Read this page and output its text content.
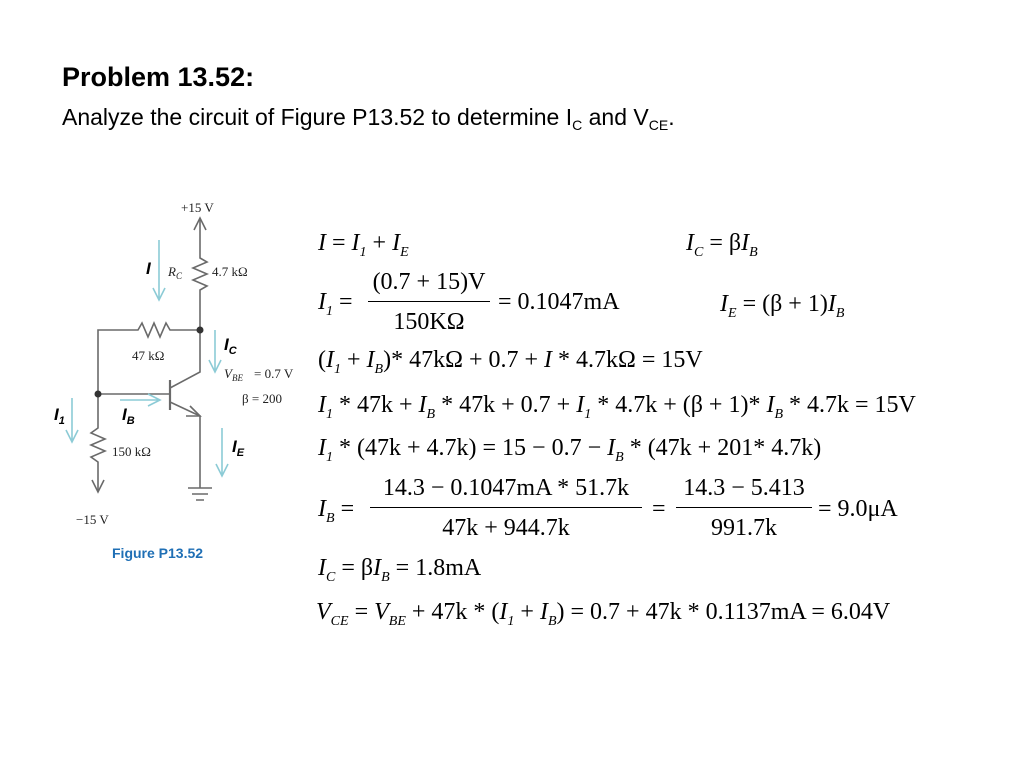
Problem 13.52:
Analyze the circuit of Figure P13.52 to determine $I_C$ and $V_{CE}$.
+15 V
$R_C$ 4.7 kΩ
47 kΩ
$V_{BE} = 0.7$ V
β = 200
150 kΩ
−15 V
I
$I_C$
$I_1$	$I_B$
$I_E$
Figure P13.52
$I = I_1 + I_E$	$I_C = \beta I_B$
$I_1$ =
(0.7 + 15)V
150KΩ
= 0.1047mA	$I_E = (\beta + 1)I_B$
$(I_1 + I_B)*$ 47kΩ + 0.7 + I * 4.7kΩ = 15V
$I_1 * 47k + I_B * 47k + 0.7 + I_1 * 4.7k + (\beta + 1)*$ $I_B * 4.7k = 15V$
$I_1 * (47k + 4.7k) = 15 - 0.7 - I_B * (47k + 201*$ 4.7k)
$I_B$ =
14.3 − 0.1047mA * 51.7k
47k + 944.7k
=
14.3 − 5.413
991.7k
= 9.0μA
$I_C = \beta I_B = 1.8mA$
$V_{CE} = V_{BE} + 47k * (I_1 + I_B) = 0.7 + 47k * 0.1137mA = 6.04V$
